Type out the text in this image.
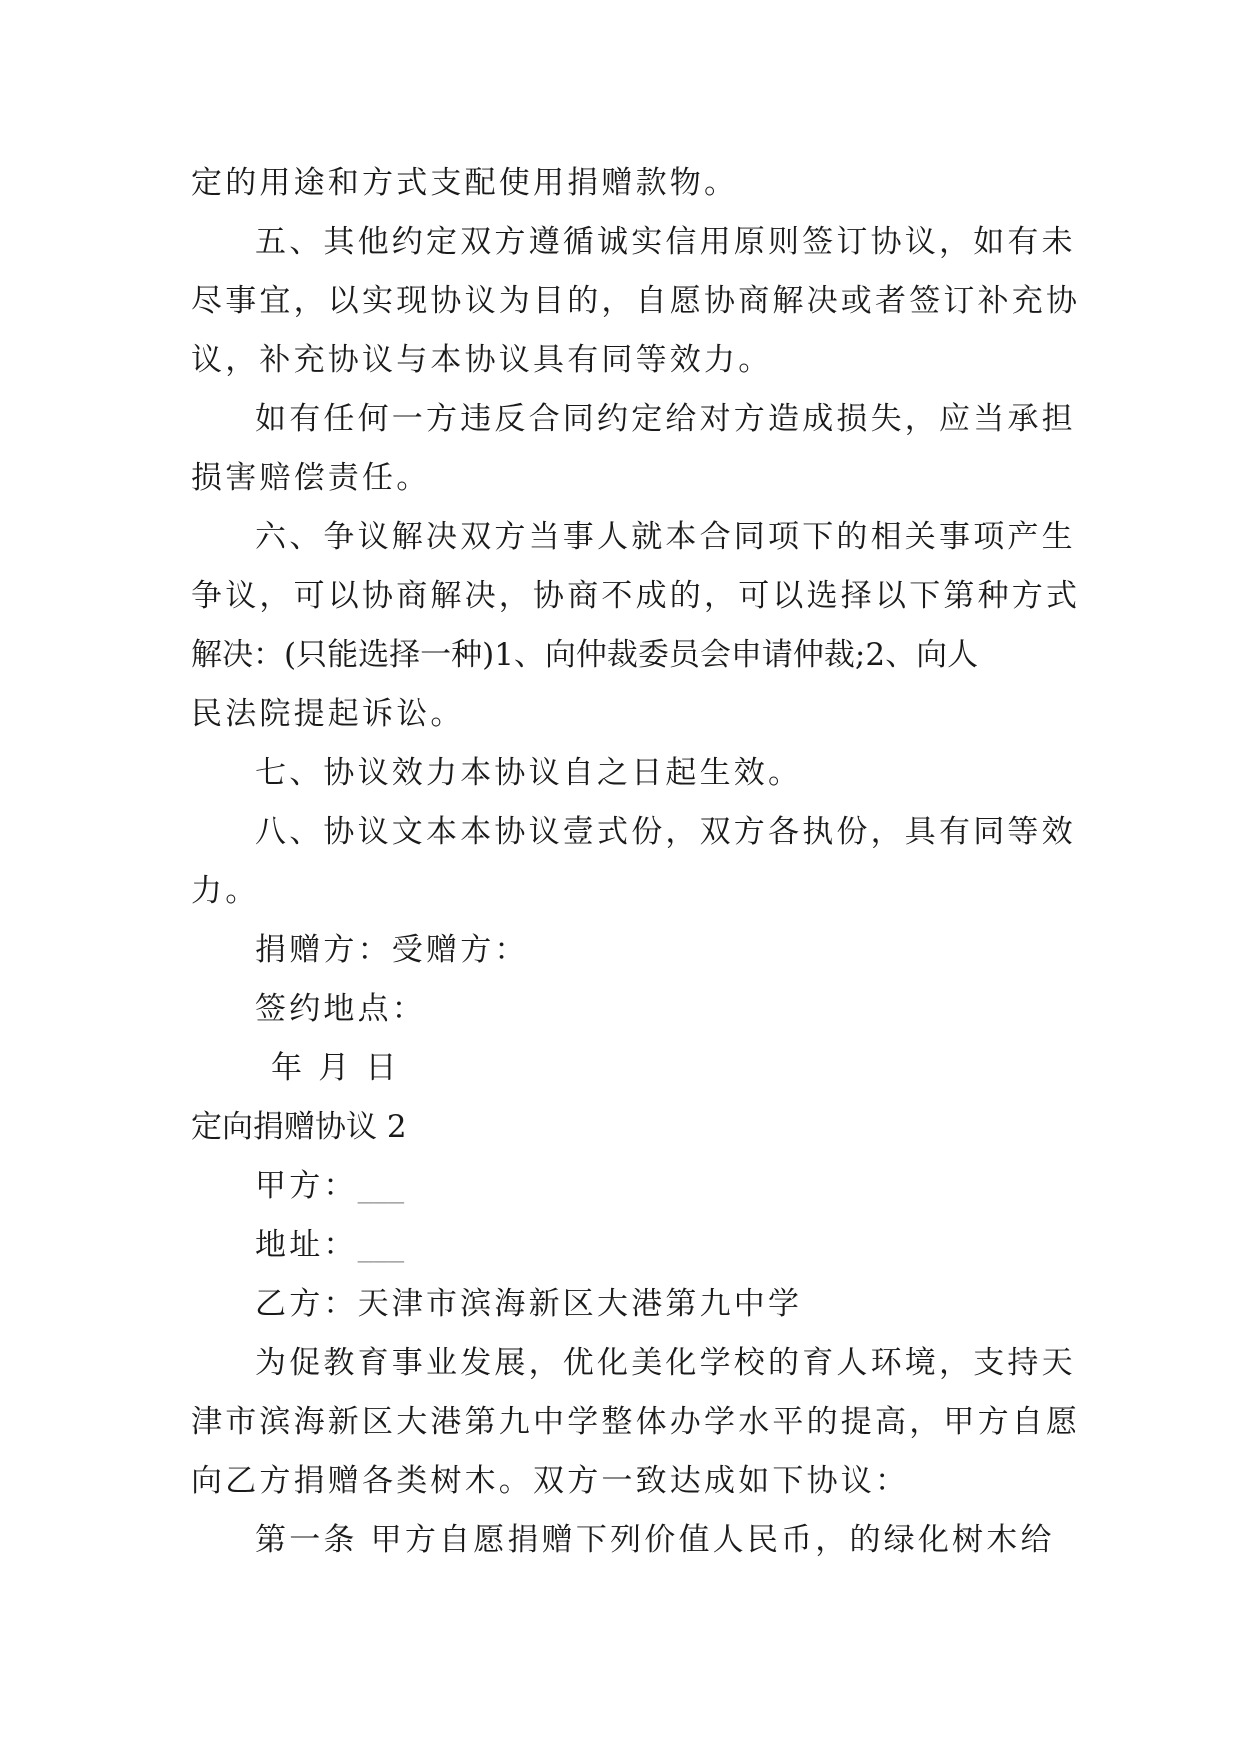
定的用途和方式支配使用捐赠款物。
五、其他约定双方遵循诚实信用原则签订协议，如有未
尽事宜，以实现协议为目的，自愿协商解决或者签订补充协
议，补充协议与本协议具有同等效力。
如有任何一方违反合同约定给对方造成损失，应当承担
损害赔偿责任。
六、争议解决双方当事人就本合同项下的相关事项产生
争议，可以协商解决，协商不成的，可以选择以下第种方式
解决：(只能选择一种)1、向仲裁委员会申请仲裁;2、向人
民法院提起诉讼。
七、协议效力本协议自之日起生效。
八、协议文本本协议壹式份，双方各执份，具有同等效
力。
捐赠方：受赠方：
签约地点：
年 月 日
定向捐赠协议 2
甲方：___
地址：___
乙方：天津市滨海新区大港第九中学
为促教育事业发展，优化美化学校的育人环境，支持天
津市滨海新区大港第九中学整体办学水平的提高，甲方自愿
向乙方捐赠各类树木。双方一致达成如下协议：
第一条 甲方自愿捐赠下列价值人民币，的绿化树木给
